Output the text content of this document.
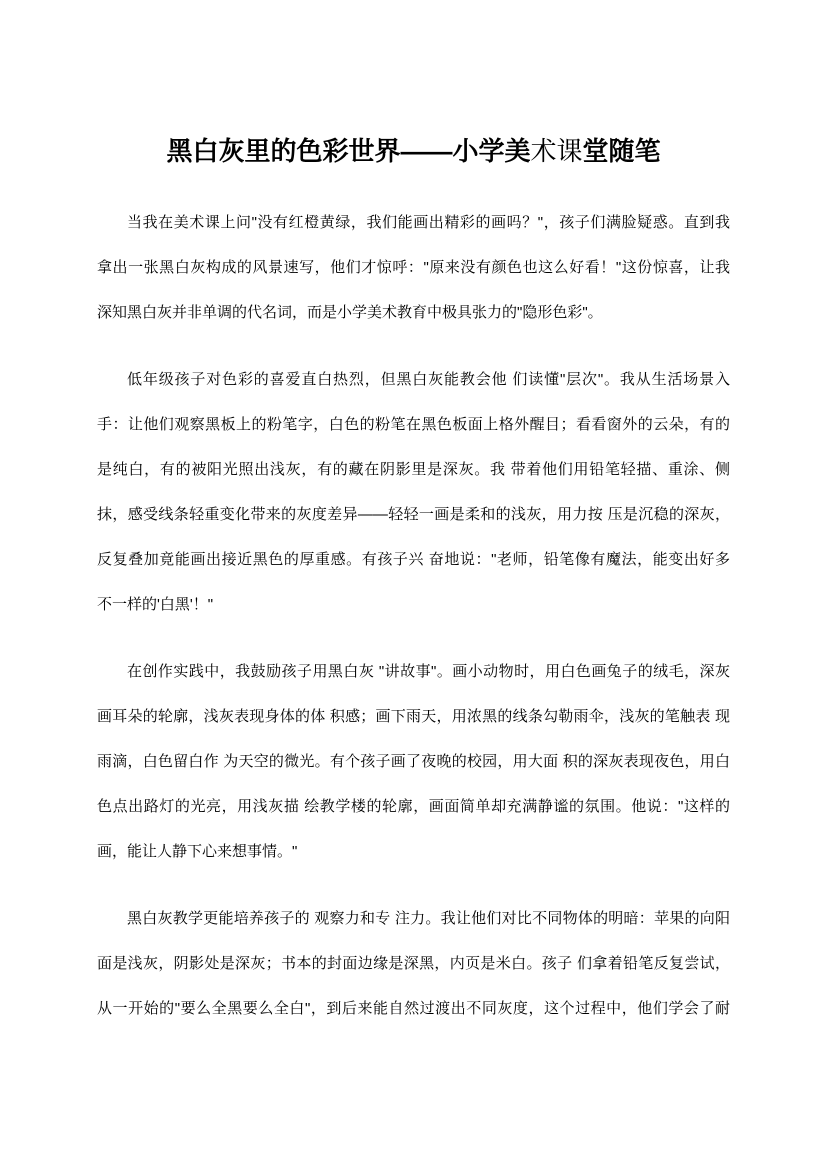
黑白灰里的色彩世界——小学美术课堂随笔
当我在美术课上问"没有红橙黄绿，我们能画出精彩的画吗？"，孩子们满脸疑惑。直到我
拿出一张黑白灰构成的风景速写，他们才惊呼："原来没有颜色也这么好看！"这份惊喜，让我
深知黑白灰并非单调的代名词，而是小学美术教育中极具张力的"隐形色彩"。
低年级孩子对色彩的喜爱直白热烈，但黑白灰能教会他 们读懂"层次"。我从生活场景入
手：让他们观察黑板上的粉笔字，白色的粉笔在黑色板面上格外醒目；看看窗外的云朵，有的
是纯白，有的被阳光照出浅灰，有的藏在阴影里是深灰。我 带着他们用铅笔轻描、重涂、侧
抹，感受线条轻重变化带来的灰度差异——轻轻一画是柔和的浅灰，用力按 压是沉稳的深灰，
反复叠加竟能画出接近黑色的厚重感。有孩子兴 奋地说："老师，铅笔像有魔法，能变出好多
不一样的'白黑'！"
在创作实践中，我鼓励孩子用黑白灰 "讲故事"。画小动物时，用白色画兔子的绒毛，深灰
画耳朵的轮廓，浅灰表现身体的体 积感；画下雨天，用浓黑的线条勾勒雨伞，浅灰的笔触表 现
雨滴，白色留白作 为天空的微光。有个孩子画了夜晚的校园，用大面 积的深灰表现夜色，用白
色点出路灯的光亮，用浅灰描 绘教学楼的轮廓，画面简单却充满静谧的氛围。他说："这样的
画，能让人静下心来想事情。"
黑白灰教学更能培养孩子的 观察力和专 注力。我让他们对比不同物体的明暗：苹果的向阳
面是浅灰，阴影处是深灰；书本的封面边缘是深黑，内页是米白。孩子 们拿着铅笔反复尝试，
从一开始的"要么全黑要么全白"，到后来能自然过渡出不同灰度，这个过程中，他们学会了耐
